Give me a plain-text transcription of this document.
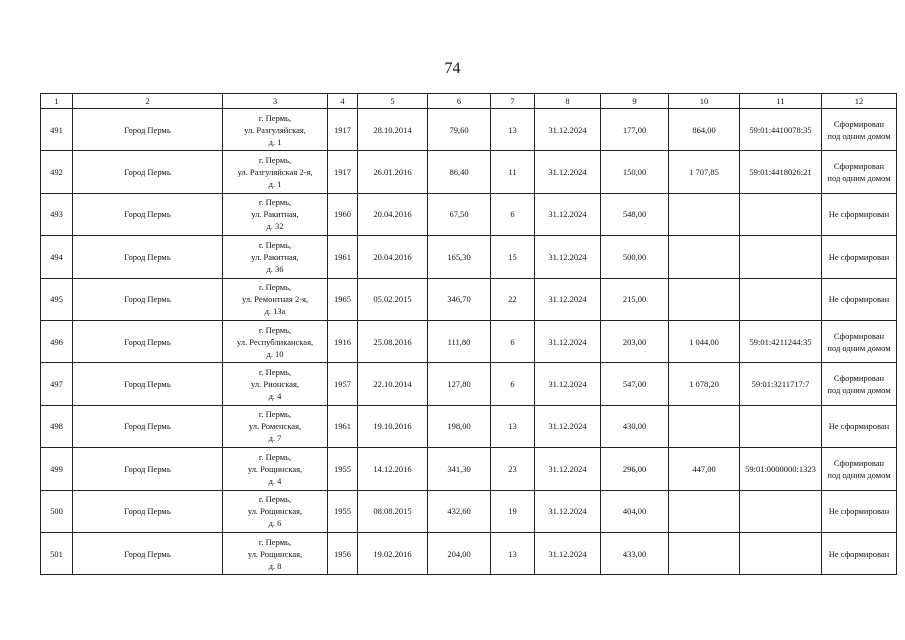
74
1	2	3	4	5	6	7	8	9	10	11	12
491	Город Пермь	г. Пермь,
ул. Разгуляйская,
д. 1	1917	28.10.2014	79,60	13	31.12.2024	177,00	864,00	59:01:4410078:35	Сформирован
под одним домом

492	Город Пермь	г. Пермь,
ул. Разгуляйская 2-я,
д. 1	1917	26.01.2016	86,40	11	31.12.2024	150,00	1 707,85	59:01:4418026:21	Сформирован
под одним домом

493	Город Пермь	г. Пермь,
ул. Ракитная,
д. 32	1960	20.04.2016	67,50	6	31.12.2024	548,00			Не сформирован

494	Город Пермь	г. Пермь,
ул. Ракитная,
д. 36	1961	20.04.2016	165,30	15	31.12.2024	500,00			Не сформирован

495	Город Пермь	г. Пермь,
ул. Ремонтная 2-я,
д. 13а	1965	05.02.2015	346,70	22	31.12.2024	215,00			Не сформирован

496	Город Пермь	г. Пермь,
ул. Республиканская,
д. 10	1916	25.08.2016	111,80	6	31.12.2024	203,00	1 044,00	59:01:4211244:35	Сформирован
под одним домом

497	Город Пермь	г. Пермь,
ул. Рионская,
д. 4	1957	22.10.2014	127,80	6	31.12.2024	547,00	1 078,20	59:01:3211717:7	Сформирован
под одним домом

498	Город Пермь	г. Пермь,
ул. Роменская,
д. 7	1961	19.10.2016	198,00	13	31.12.2024	430,00			Не сформирован

499	Город Пермь	г. Пермь,
ул. Рощинская,
д. 4	1955	14.12.2016	341,30	23	31.12.2024	296,00	447,00	59:01:0000000:1323	Сформирован
под одним домом

500	Город Пермь	г. Пермь,
ул. Рощинская,
д. 6	1955	08.08.2015	432,60	19	31.12.2024	404,00			Не сформирован

501	Город Пермь	г. Пермь,
ул. Рощинская,
д. 8	1956	19.02.2016	204,00	13	31.12.2024	433,00			Не сформирован
